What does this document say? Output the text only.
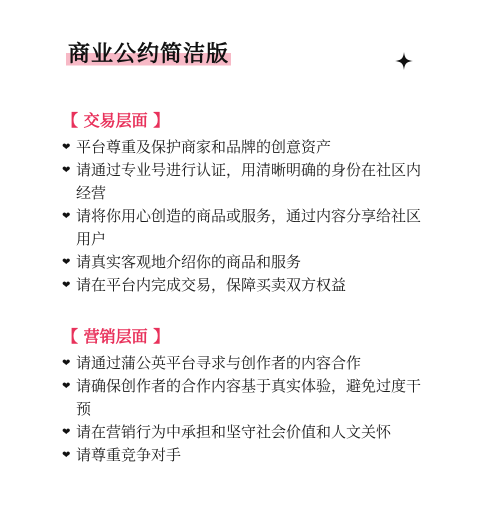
商业公约简洁版
【 交易层面 】
❤ 平台尊重及保护商家和品牌的创意资产
❤ 请通过专业号进行认证，用清晰明确的身份在社区内经营
❤ 请将你用心创造的商品或服务，通过内容分享给社区用户
❤ 请真实客观地介绍你的商品和服务
❤ 请在平台内完成交易，保障买卖双方权益
【 营销层面 】
❤ 请通过蒲公英平台寻求与创作者的内容合作
❤ 请确保创作者的合作内容基于真实体验，避免过度干预
❤ 请在营销行为中承担和坚守社会价值和人文关怀
❤ 请尊重竞争对手
